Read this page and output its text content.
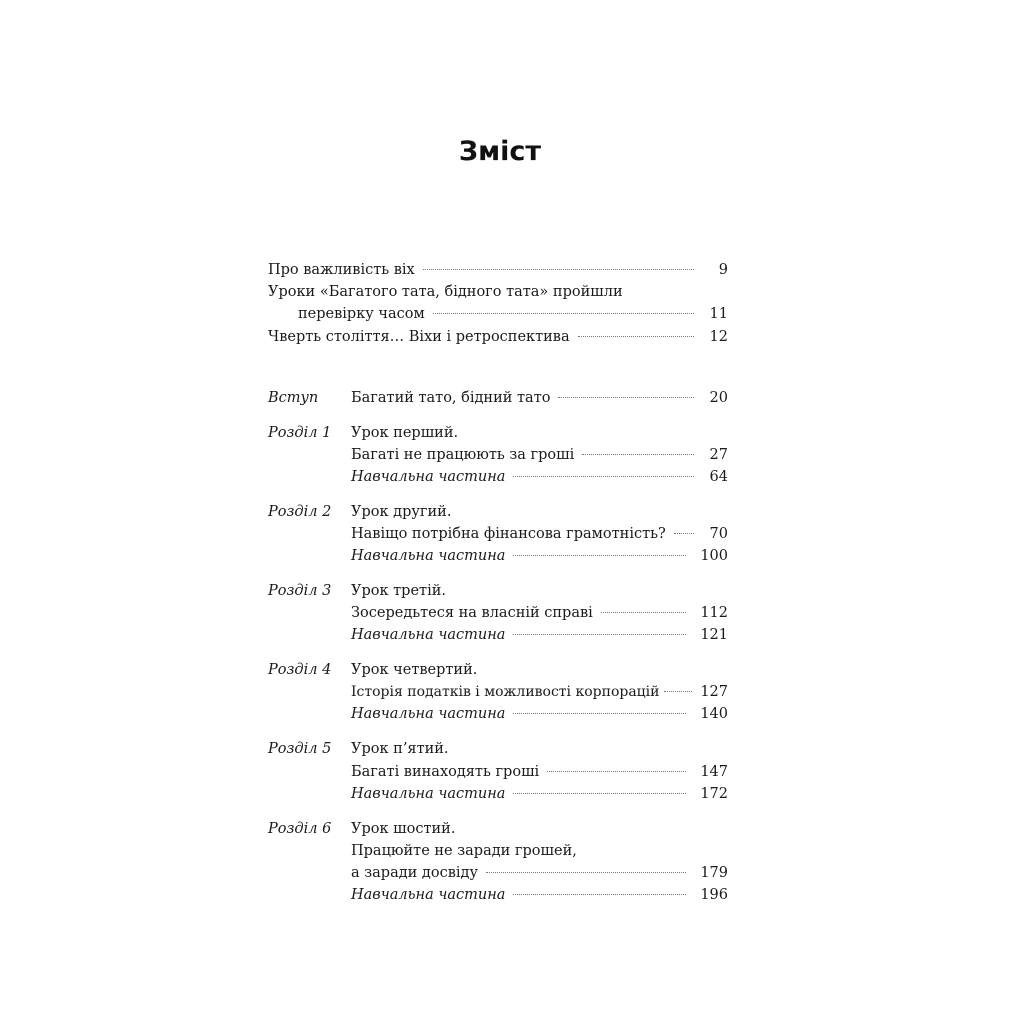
Зміст
Про важливість віх	9
Уроки «Багатого тата, бідного тата» пройшли
перевірку часом	11
Чверть століття… Віхи і ретроспектива	12
Вступ	Багатий тато, бідний тато	20
Розділ 1	Урок перший.
Багаті не працюють за гроші	27
Навчальна частина	64
Розділ 2	Урок другий.
Навіщо потрібна фінансова грамотність?	70
Навчальна частина	100
Розділ 3	Урок третій.
Зосередьтеся на власній справі	112
Навчальна частина	121
Розділ 4	Урок четвертий.
Історія податків і можливості корпорацій	127
Навчальна частина	140
Розділ 5	Урок п’ятий.
Багаті винаходять гроші	147
Навчальна частина	172
Розділ 6	Урок шостий.
Працюйте не заради грошей,
а заради досвіду	179
Навчальна частина	196
